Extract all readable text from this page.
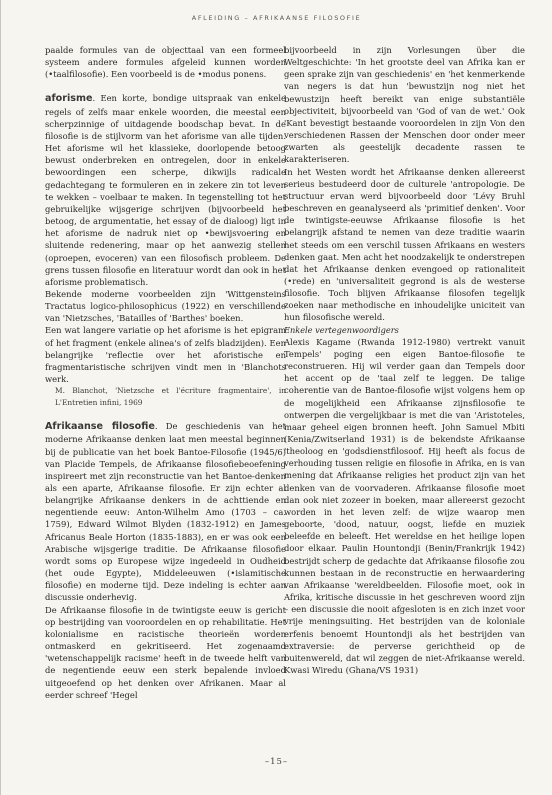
AFLEIDING – AFRIKAANSE FILOSOFIE

paalde formules van de objecttaal van een formeel systeem andere formules afgeleid kunnen worden (•taalfilosofie). Een voorbeeld is de •modus ponens.

aforisme. Een korte, bondige uitspraak van enkele regels of zelfs maar enkele woorden, die meestal een scherpzinnige of uitdagende boodschap bevat. In de filosofie is de stijlvorm van het aforisme van alle tijden. Het aforisme wil het klassieke, doorlopende betoog bewust onderbreken en ontregelen, door in enkele bewoordingen een scherpe, dikwijls radicale gedachtegang te formuleren en in zekere zin tot leven te wekken – voelbaar te maken. In tegenstelling tot het gebruikelijke wijsgerige schrijven (bijvoorbeeld het betoog, de argumentatie, het essay of de dialoog) ligt in het aforisme de nadruk niet op •bewijsvoering en sluitende redenering, maar op het aanwezig stellen (oproepen, evoceren) van een filosofisch probleem. De grens tussen filosofie en literatuur wordt dan ook in het aforisme problematisch.

Bekende moderne voorbeelden zijn 'Wittgensteins Tractatus logico-philosophicus (1922) en verschillende van 'Nietzsches, 'Batailles of 'Barthes' boeken.

Een wat langere variatie op het aforisme is het epigram of het fragment (enkele alinea's of zelfs bladzijden). Een belangrijke 'reflectie over het aforistische en fragmentaristische schrijven vindt men in 'Blanchots werk.

M. Blanchot, 'Nietzsche et l'écriture fragmentaire', in L'Entretien infini, 1969

Afrikaanse filosofie. De geschiedenis van het moderne Afrikaanse denken laat men meestal beginnen bij de publicatie van het boek Bantoe-Filosofie (1945/6) van Placide Tempels, de Afrikaanse filosofiebeoefening inspireert met zijn reconstructie van het Bantoe-denken als een aparte, Afrikaanse filosofie. Er zijn echter al belangrijke Afrikaanse denkers in de achttiende en negentiende eeuw: Anton-Wilhelm Amo (1703 – ca. 1759), Edward Wilmot Blyden (1832-1912) en James Africanus Beale Horton (1835-1883), en er was ook een Arabische wijsgerige traditie. De Afrikaanse filosofie wordt soms op Europese wijze ingedeeld in Oudheid (het oude Egypte), Middeleeuwen (•islamitische filosofie) en moderne tijd. Deze indeling is echter aan discussie onderhevig.

De Afrikaanse filosofie in de twintigste eeuw is gericht op bestrijding van vooroordelen en op rehabilitatie. Het kolonialisme en racistische theorieën worden ontmaskerd en gekritiseerd. Het zogenaamd 'wetenschappelijk racisme' heeft in de tweede helft van de negentiende eeuw een sterk bepalende invloed uitgeoefend op het denken over Afrikanen. Maar al eerder schreef 'Hegel

bijvoorbeeld in zijn Vorlesungen über die Weltgeschichte: 'In het grootste deel van Afrika kan er geen sprake zijn van geschiedenis' en 'het kenmerkende van negers is dat hun 'bewustzijn nog niet het bewustzijn heeft bereikt van enige substantiële objectiviteit, bijvoorbeeld van 'God of van de wet.' Ook 'Kant bevestigt bestaande vooroordelen in zijn Von den verschiedenen Rassen der Menschen door onder meer zwarten als geestelijk decadente rassen te karakteriseren.

In het Westen wordt het Afrikaanse denken allereerst serieus bestudeerd door de culturele 'antropologie. De structuur ervan werd bijvoorbeeld door 'Lévy Bruhl beschreven en geanalyseerd als 'primitief denken'. Voor de twintigste-eeuwse Afrikaanse filosofie is het belangrijk afstand te nemen van deze traditie waarin het steeds om een verschil tussen Afrikaans en westers denken gaat. Men acht het noodzakelijk te onderstrepen dat het Afrikaanse denken evengoed op rationaliteit (•rede) en 'universaliteit gegrond is als de westerse filosofie. Toch blijven Afrikaanse filosofen tegelijk zoeken naar methodische en inhoudelijke uniciteit van hun filosofische wereld.

Enkele vertegenwoordigers

Alexis Kagame (Rwanda 1912-1980) vertrekt vanuit Tempels' poging een eigen Bantoe-filosofie te reconstrueren. Hij wil verder gaan dan Tempels door het accent op de 'taal zelf te leggen. De talige coherentie van de Bantoe-filosofie wijst volgens hem op de mogelijkheid een Afrikaanse zijnsfilosofie te ontwerpen die vergelijkbaar is met die van 'Aristoteles, maar geheel eigen bronnen heeft. John Samuel Mbiti (Kenia/Zwitserland 1931) is de bekendste Afrikaanse 'theoloog en 'godsdienstfilosoof. Hij heeft als focus de verhouding tussen religie en filosofie in Afrika, en is van mening dat Afrikaanse religies het product zijn van het denken van de voorvaderen. Afrikaanse filosofie moet dan ook niet zozeer in boeken, maar allereerst gezocht worden in het leven zelf: de wijze waarop men geboorte, 'dood, natuur, oogst, liefde en muziek beleefde en beleeft. Het wereldse en het heilige lopen door elkaar. Paulin Hountondji (Benin/Frankrijk 1942) bestrijdt scherp de gedachte dat Afrikaanse filosofie zou kunnen bestaan in de reconstructie en herwaardering van Afrikaanse 'wereldbeelden. Filosofie moet, ook in Afrika, kritische discussie in het geschreven woord zijn – een discussie die nooit afgesloten is en zich inzet voor vrije meningsuiting. Het bestrijden van de koloniale erfenis benoemt Hountondji als het bestrijden van extraversie: de perverse gerichtheid op de buitenwereld, dat wil zeggen de niet-Afrikaanse wereld. Kwasi Wiredu (Ghana/VS 1931)

–15–
